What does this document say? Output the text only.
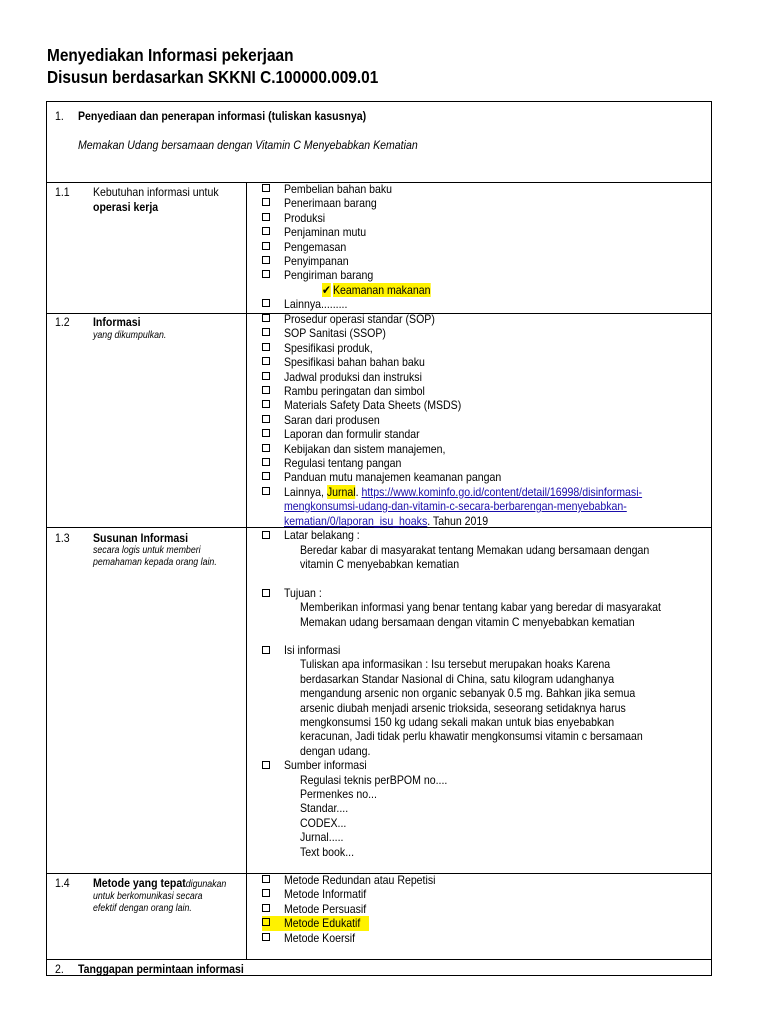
Menyediakan Informasi pekerjaan
Disusun berdasarkan SKKNI C.100000.009.01
1. Penyediaan dan penerapan informasi (tuliskan kasusnya)
Memakan Udang bersamaan dengan Vitamin C Menyebabkan Kematian
1.1 Kebutuhan informasi untuk
operasi kerja
Pembelian bahan baku
Penerimaan barang
Produksi
Penjaminan mutu
Pengemasan
Penyimpanan
Pengiriman barang
✔ Keamanan makanan
Lainnya.........
1.2 Informasi
yang dikumpulkan.
Prosedur operasi standar (SOP)
SOP Sanitasi (SSOP)
Spesifikasi produk,
Spesifikasi bahan bahan baku
Jadwal produksi dan instruksi
Rambu peringatan dan simbol
Materials Safety Data Sheets (MSDS)
Saran dari produsen
Laporan dan formulir standar
Kebijakan dan sistem manajemen,
Regulasi tentang pangan
Panduan mutu manajemen keamanan pangan
Lainnya, Jurnal. https://www.kominfo.go.id/content/detail/16998/disinformasi-
mengkonsumsi-udang-dan-vitamin-c-secara-berbarengan-menyebabkan-
kematian/0/laporan_isu_hoaks. Tahun 2019
1.3 Susunan Informasi
secara logis untuk memberi
pemahaman kepada orang lain.
Latar belakang :
Beredar kabar di masyarakat tentang Memakan udang bersamaan dengan
vitamin C menyebabkan kematian
Tujuan :
Memberikan informasi yang benar tentang kabar yang beredar di masyarakat
Memakan udang bersamaan dengan vitamin C menyebabkan kematian
Isi informasi
Tuliskan apa informasikan : Isu tersebut merupakan hoaks Karena
berdasarkan Standar Nasional di China, satu kilogram udanghanya
mengandung arsenic non organic sebanyak 0.5 mg. Bahkan jika semua
arsenic diubah menjadi arsenic trioksida, seseorang setidaknya harus
mengkonsumsi 150 kg udang sekali makan untuk bias enyebabkan
keracunan, Jadi tidak perlu khawatir mengkonsumsi vitamin c bersamaan
dengan udang.
Sumber informasi
Regulasi teknis perBPOM no....
Permenkes no...
Standar....
CODEX...
Jurnal.....
Text book...
1.4 Metode yang tepatdigunakan
untuk berkomunikasi secara
efektif dengan orang lain.
Metode Redundan atau Repetisi
Metode Informatif
Metode Persuasif
Metode Edukatif
Metode Koersif
2. Tanggapan permintaan informasi
